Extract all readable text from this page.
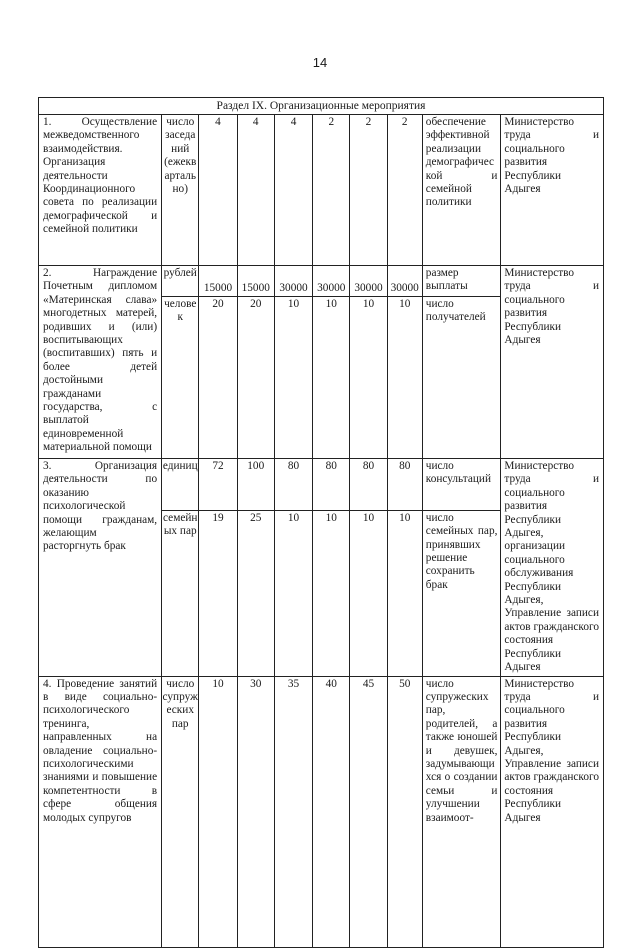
14
Раздел IX. Организационные мероприятия									
1. Осуществление межведомственного взаимодействия. Организация деятельности Координационного совета по реализации демографической и семейной политики	число заседаний (ежеквартально)	4	4	4	2	2	2	обеспечение эффективной реализации демографической и семейной политики	Министерство труда и социального развития Республики Адыгея
2. Награждение Почетным дипломом «Материнская слава» многодетных матерей, родивших и (или) воспитывающих (воспитавших) пять и более детей достойными гражданами государства, с выплатой единовременной материальной помощи	рублей	15000	15000	30000	30000	30000	30000	размер выплаты	Министерство труда и социального развития Республики Адыгея
	человек	20	20	10	10	10	10	число получателей	
3. Организация деятельности по оказанию психологической помощи гражданам, желающим расторгнуть брак	единиц	72	100	80	80	80	80	число консультаций	Министерство труда и социального развития Республики Адыгея, организации социального обслуживания Республики Адыгея, Управление записи актов гражданского состояния Республики Адыгея
	семейных пар	19	25	10	10	10	10	число семейных пар, принявших решение сохранить брак	
4. Проведение занятий в виде социально-психологического тренинга, направленных на овладение социально-психологическими знаниями и повышение компетентности в сфере общения молодых супругов	число супружеских пар	10	30	35	40	45	50	число супружеских пар, родителей, а также юношей и девушек, задумывающихся о создании семьи и улучшении взаимоот-	Министерство труда и социального развития Республики Адыгея, Управление записи актов гражданского состояния Республики Адыгея
